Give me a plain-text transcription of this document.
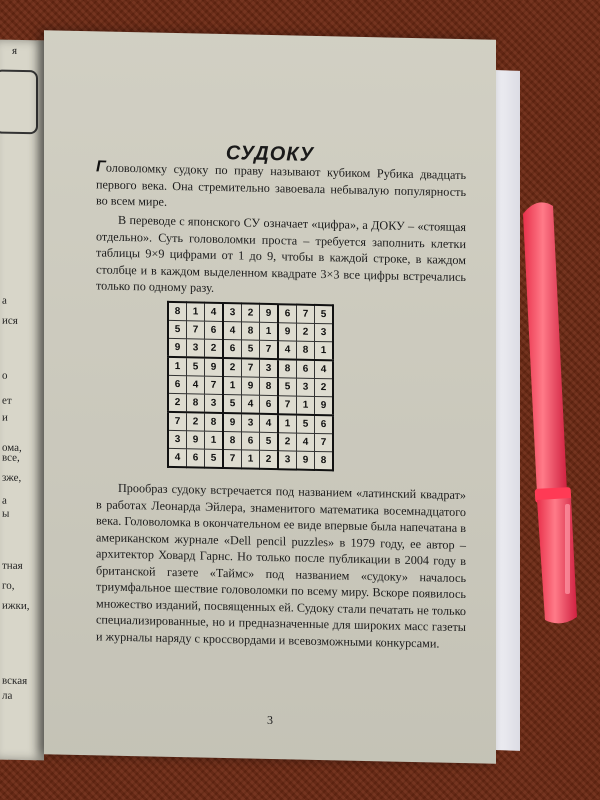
я
a
ися
о
ет
и
ома,
все,
зже,
а
ы
тная
го,
ижки,
вская
ла
СУДОКУ
Головоломку судоку по праву называют кубиком Рубика двадцать первого века. Она стремительно завоевала небывалую популярность во всем мире.
В переводе с японского СУ означает «цифра», а ДОКУ – «стоящая отдельно». Суть головоломки проста – требуется заполнить клетки таблицы 9×9 цифрами от 1 до 9, чтобы в каждой строке, в каждом столбце и в каждом выделенном квадрате 3×3 все цифры встречались только по одному разу.
8	1	4	3	2	9	6	7	5
5	7	6	4	8	1	9	2	3
9	3	2	6	5	7	4	8	1
1	5	9	2	7	3	8	6	4
6	4	7	1	9	8	5	3	2
2	8	3	5	4	6	7	1	9
7	2	8	9	3	4	1	5	6
3	9	1	8	6	5	2	4	7
4	6	5	7	1	2	3	9	8
Прообраз судоку встречается под названием «латинский квадрат» в работах Леонарда Эйлера, знаменитого математика восемнадцатого века. Головоломка в окончательном ее виде впервые была напечатана в американском журнале «Dell pencil puzzles» в 1979 году, ее автор – архитектор Ховард Гарнс. Но только после публикации в 2004 году в британской газете «Таймс» под названием «судоку» началось триумфальное шествие головоломки по всему миру. Вскоре появилось множество изданий, посвященных ей. Судоку стали печатать не только специализированные, но и предназначенные для широких масс газеты и журналы наряду с кроссвордами и всевозможными конкурсами.
3
